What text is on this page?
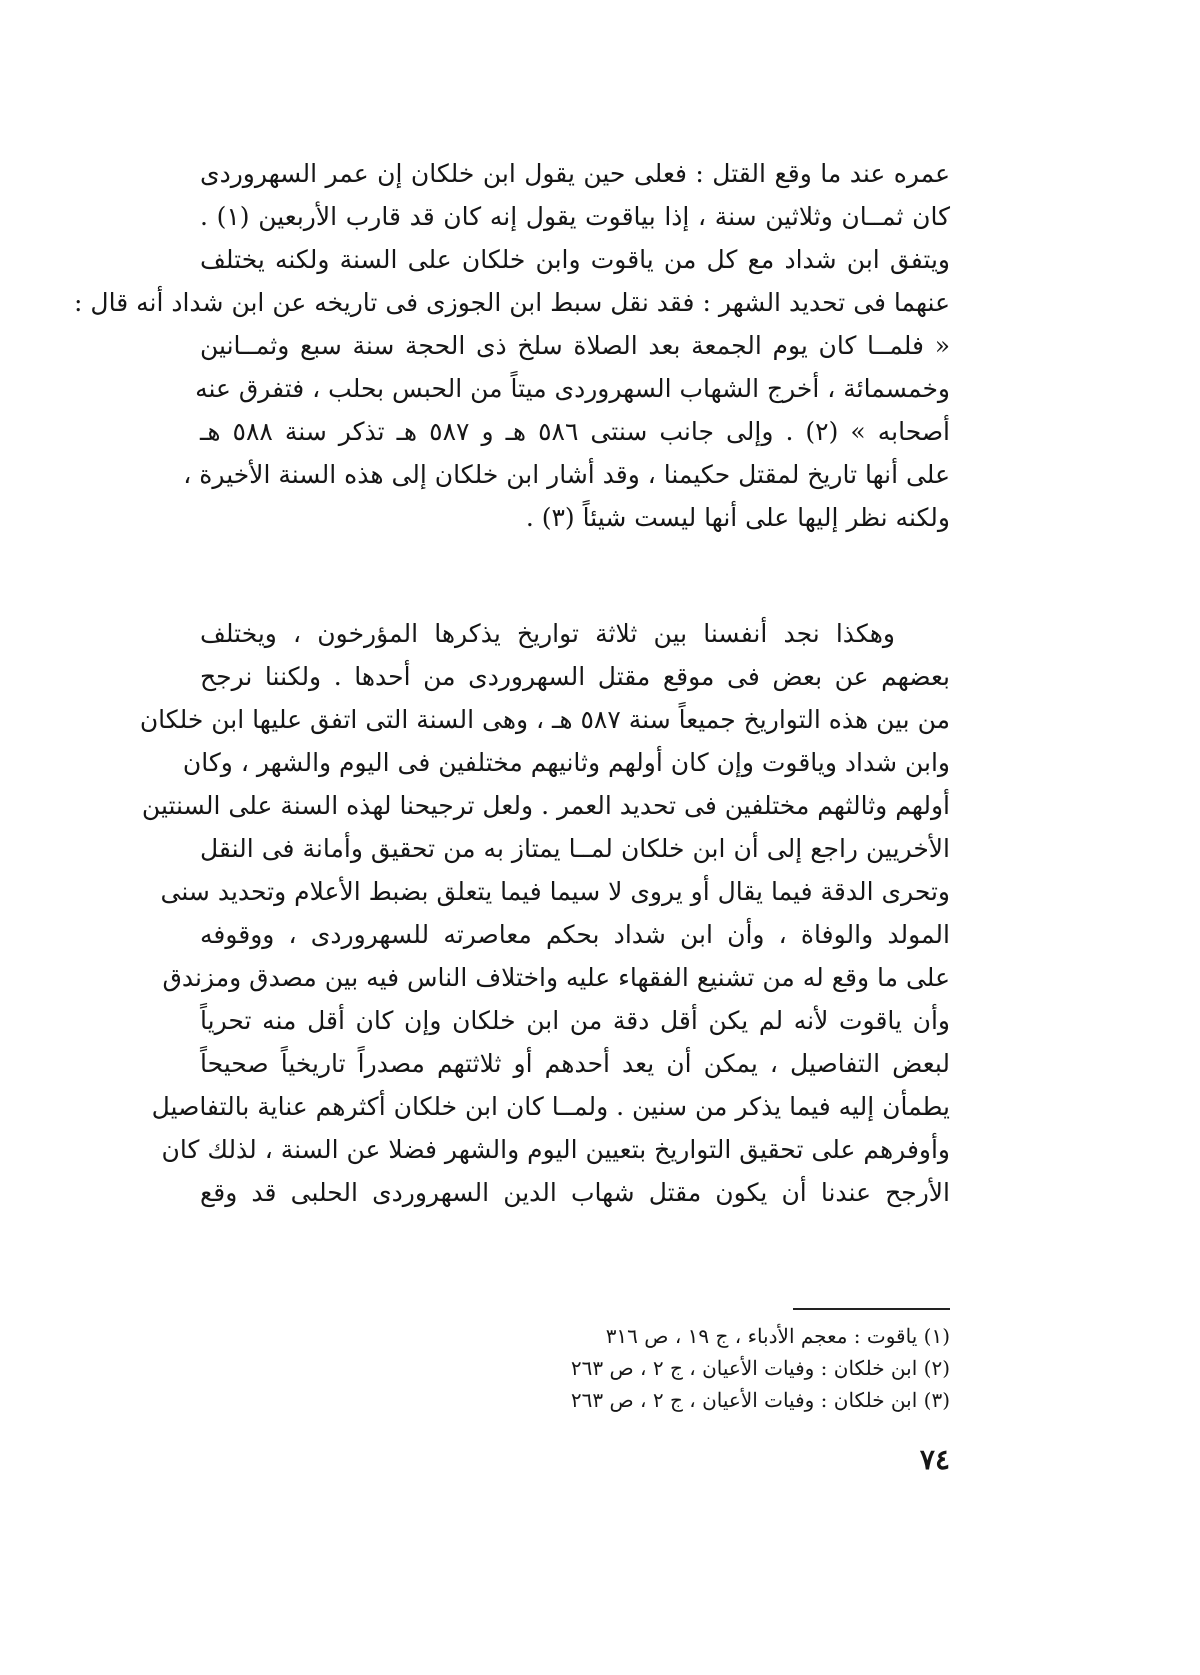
عمره عند ما وقع القتل : فعلى حين يقول ابن خلكان إن عمر السهروردى
كان ثمــان وثلاثين سنة ، إذا بياقوت يقول إنه كان قد قارب الأربعين (١) .
ويتفق ابن شداد مع كل من ياقوت وابن خلكان على السنة ولكنه يختلف
عنهما فى تحديد الشهر : فقد نقل سبط ابن الجوزى فى تاريخه عن ابن شداد أنه قال :
« فلمــا كان يوم الجمعة بعد الصلاة سلخ ذى الحجة سنة سبع وثمــانين
وخمسمائة ، أخرج الشهاب السهروردى ميتاً من الحبس بحلب ، فتفرق عنه
أصحابه » (٢) . وإلى جانب سنتى ٥٨٦ هـ و ٥٨٧ هـ تذكر سنة ٥٨٨ هـ
على أنها تاريخ لمقتل حكيمنا ، وقد أشار ابن خلكان إلى هذه السنة الأخيرة ،
ولكنه نظر إليها على أنها ليست شيئاً (٣) .
وهكذا نجد أنفسنا بين ثلاثة تواريخ يذكرها المؤرخون ، ويختلف
بعضهم عن بعض فى موقع مقتل السهروردى من أحدها . ولكننا نرجح
من بين هذه التواريخ جميعاً سنة ٥٨٧ هـ ، وهى السنة التى اتفق عليها ابن خلكان
وابن شداد وياقوت وإن كان أولهم وثانيهم مختلفين فى اليوم والشهر ، وكان
أولهم وثالثهم مختلفين فى تحديد العمر . ولعل ترجيحنا لهذه السنة على السنتين
الأخريين راجع إلى أن ابن خلكان لمــا يمتاز به من تحقيق وأمانة فى النقل
وتحرى الدقة فيما يقال أو يروى لا سيما فيما يتعلق بضبط الأعلام وتحديد سنى
المولد والوفاة ، وأن ابن شداد بحكم معاصرته للسهروردى ، ووقوفه
على ما وقع له من تشنيع الفقهاء عليه واختلاف الناس فيه بين مصدق ومزندق
وأن ياقوت لأنه لم يكن أقل دقة من ابن خلكان وإن كان أقل منه تحرياً
لبعض التفاصيل ، يمكن أن يعد أحدهم أو ثلاثتهم مصدراً تاريخياً صحيحاً
يطمأن إليه فيما يذكر من سنين . ولمــا كان ابن خلكان أكثرهم عناية بالتفاصيل
وأوفرهم على تحقيق التواريخ بتعيين اليوم والشهر فضلا عن السنة ، لذلك كان
الأرجح عندنا أن يكون مقتل شهاب الدين السهروردى الحلبى قد وقع
(١) ياقوت : معجم الأدباء ، ج ١٩ ، ص ٣١٦
(٢) ابن خلكان : وفيات الأعيان ، ج ٢ ، ص ٢٦٣
(٣) ابن خلكان : وفيات الأعيان ، ج ٢ ، ص ٢٦٣
٧٤
